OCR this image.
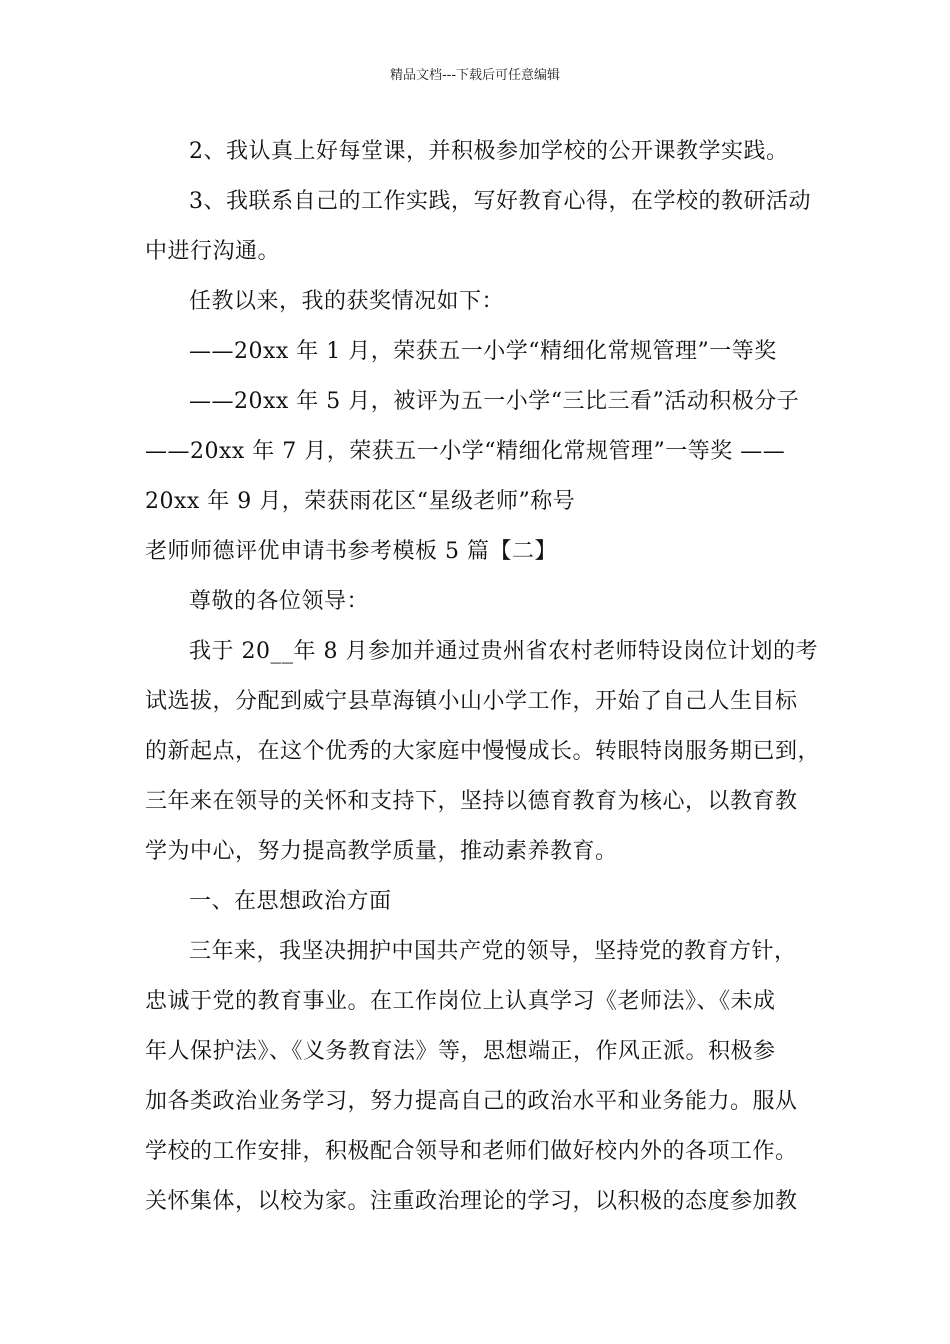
精品文档---下载后可任意编辑
2、我认真上好每堂课，并积极参加学校的公开课教学实践。
3、我联系自己的工作实践，写好教育心得，在学校的教研活动
中进行沟通。
任教以来，我的获奖情况如下：
——20xx 年 1 月，荣获五一小学“精细化常规管理”一等奖
——20xx 年 5 月，被评为五一小学“三比三看”活动积极分子
——20xx 年 7 月，荣获五一小学“精细化常规管理”一等奖 ——
20xx 年 9 月，荣获雨花区“星级老师”称号
老师师德评优申请书参考模板 5 篇【二】
尊敬的各位领导：
我于 20__年 8 月参加并通过贵州省农村老师特设岗位计划的考
试选拔，分配到威宁县草海镇小山小学工作，开始了自己人生目标
的新起点，在这个优秀的大家庭中慢慢成长。转眼特岗服务期已到，
三年来在领导的关怀和支持下，坚持以德育教育为核心，以教育教
学为中心，努力提高教学质量，推动素养教育。
一、在思想政治方面
三年来，我坚决拥护中国共产党的领导，坚持党的教育方针，
忠诚于党的教育事业。在工作岗位上认真学习《老师法》、《未成
年人保护法》、《义务教育法》等，思想端正，作风正派。积极参
加各类政治业务学习，努力提高自己的政治水平和业务能力。服从
学校的工作安排，积极配合领导和老师们做好校内外的各项工作。
关怀集体，以校为家。注重政治理论的学习，以积极的态度参加教
